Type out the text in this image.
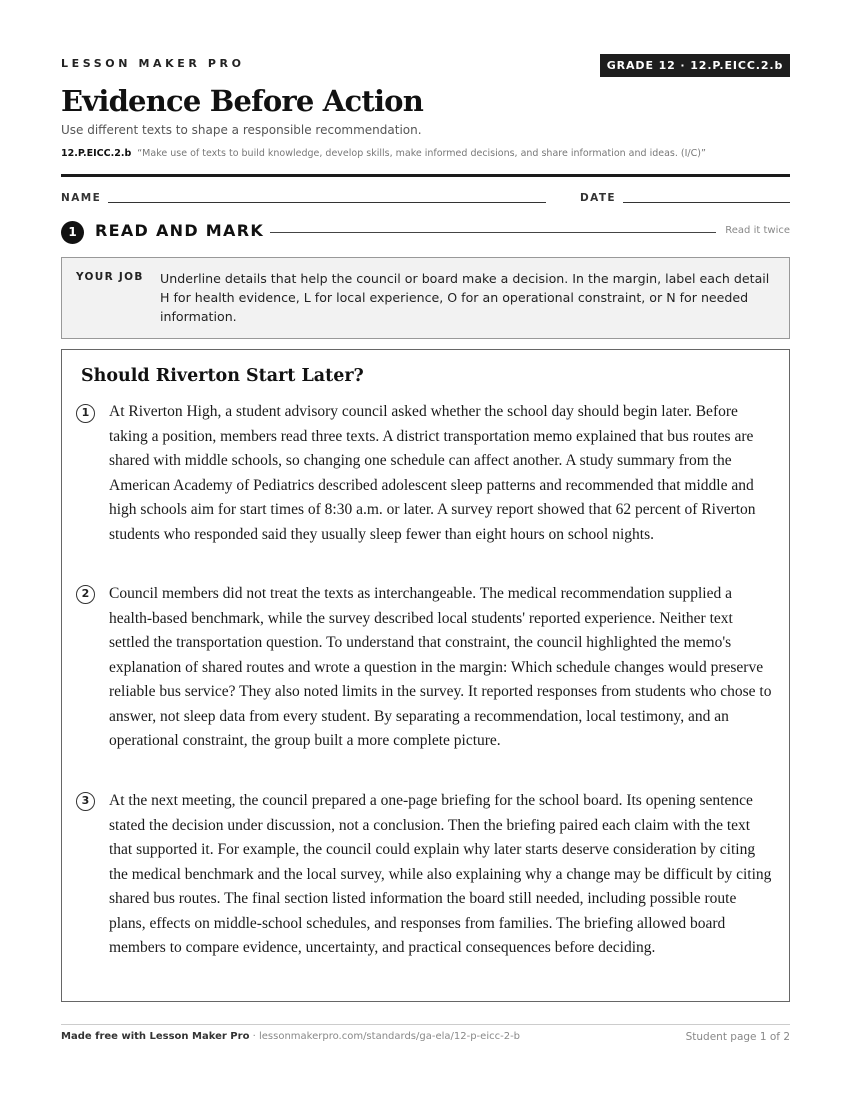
LESSON MAKER PRO	GRADE 12 · 12.P.EICC.2.b
Evidence Before Action
Use different texts to shape a responsible recommendation.
12.P.EICC.2.b “Make use of texts to build knowledge, develop skills, make informed decisions, and share information and ideas. (I/C)”
NAME	DATE
1	READ AND MARK	Read it twice
YOUR JOB Underline details that help the council or board make a decision. In the margin, label each detail H for health evidence, L for local experience, O for an operational constraint, or N for needed information.
Should Riverton Start Later?
1	At Riverton High, a student advisory council asked whether the school day should begin later. Before taking a position, members read three texts. A district transportation memo explained that bus routes are shared with middle schools, so changing one schedule can affect another. A study summary from the American Academy of Pediatrics described adolescent sleep patterns and recommended that middle and high schools aim for start times of 8:30 a.m. or later. A survey report showed that 62 percent of Riverton students who responded said they usually sleep fewer than eight hours on school nights.
2	Council members did not treat the texts as interchangeable. The medical recommendation supplied a health-based benchmark, while the survey described local students' reported experience. Neither text settled the transportation question. To understand that constraint, the council highlighted the memo's explanation of shared routes and wrote a question in the margin: Which schedule changes would preserve reliable bus service? They also noted limits in the survey. It reported responses from students who chose to answer, not sleep data from every student. By separating a recommendation, local testimony, and an operational constraint, the group built a more complete picture.
3	At the next meeting, the council prepared a one-page briefing for the school board. Its opening sentence stated the decision under discussion, not a conclusion. Then the briefing paired each claim with the text that supported it. For example, the council could explain why later starts deserve consideration by citing the medical benchmark and the local survey, while also explaining why a change may be difficult by citing shared bus routes. The final section listed information the board still needed, including possible route plans, effects on middle-school schedules, and responses from families. The briefing allowed board members to compare evidence, uncertainty, and practical consequences before deciding.
Made free with Lesson Maker Pro · lessonmakerpro.com/standards/ga-ela/12-p-eicc-2-b	Student page 1 of 2
